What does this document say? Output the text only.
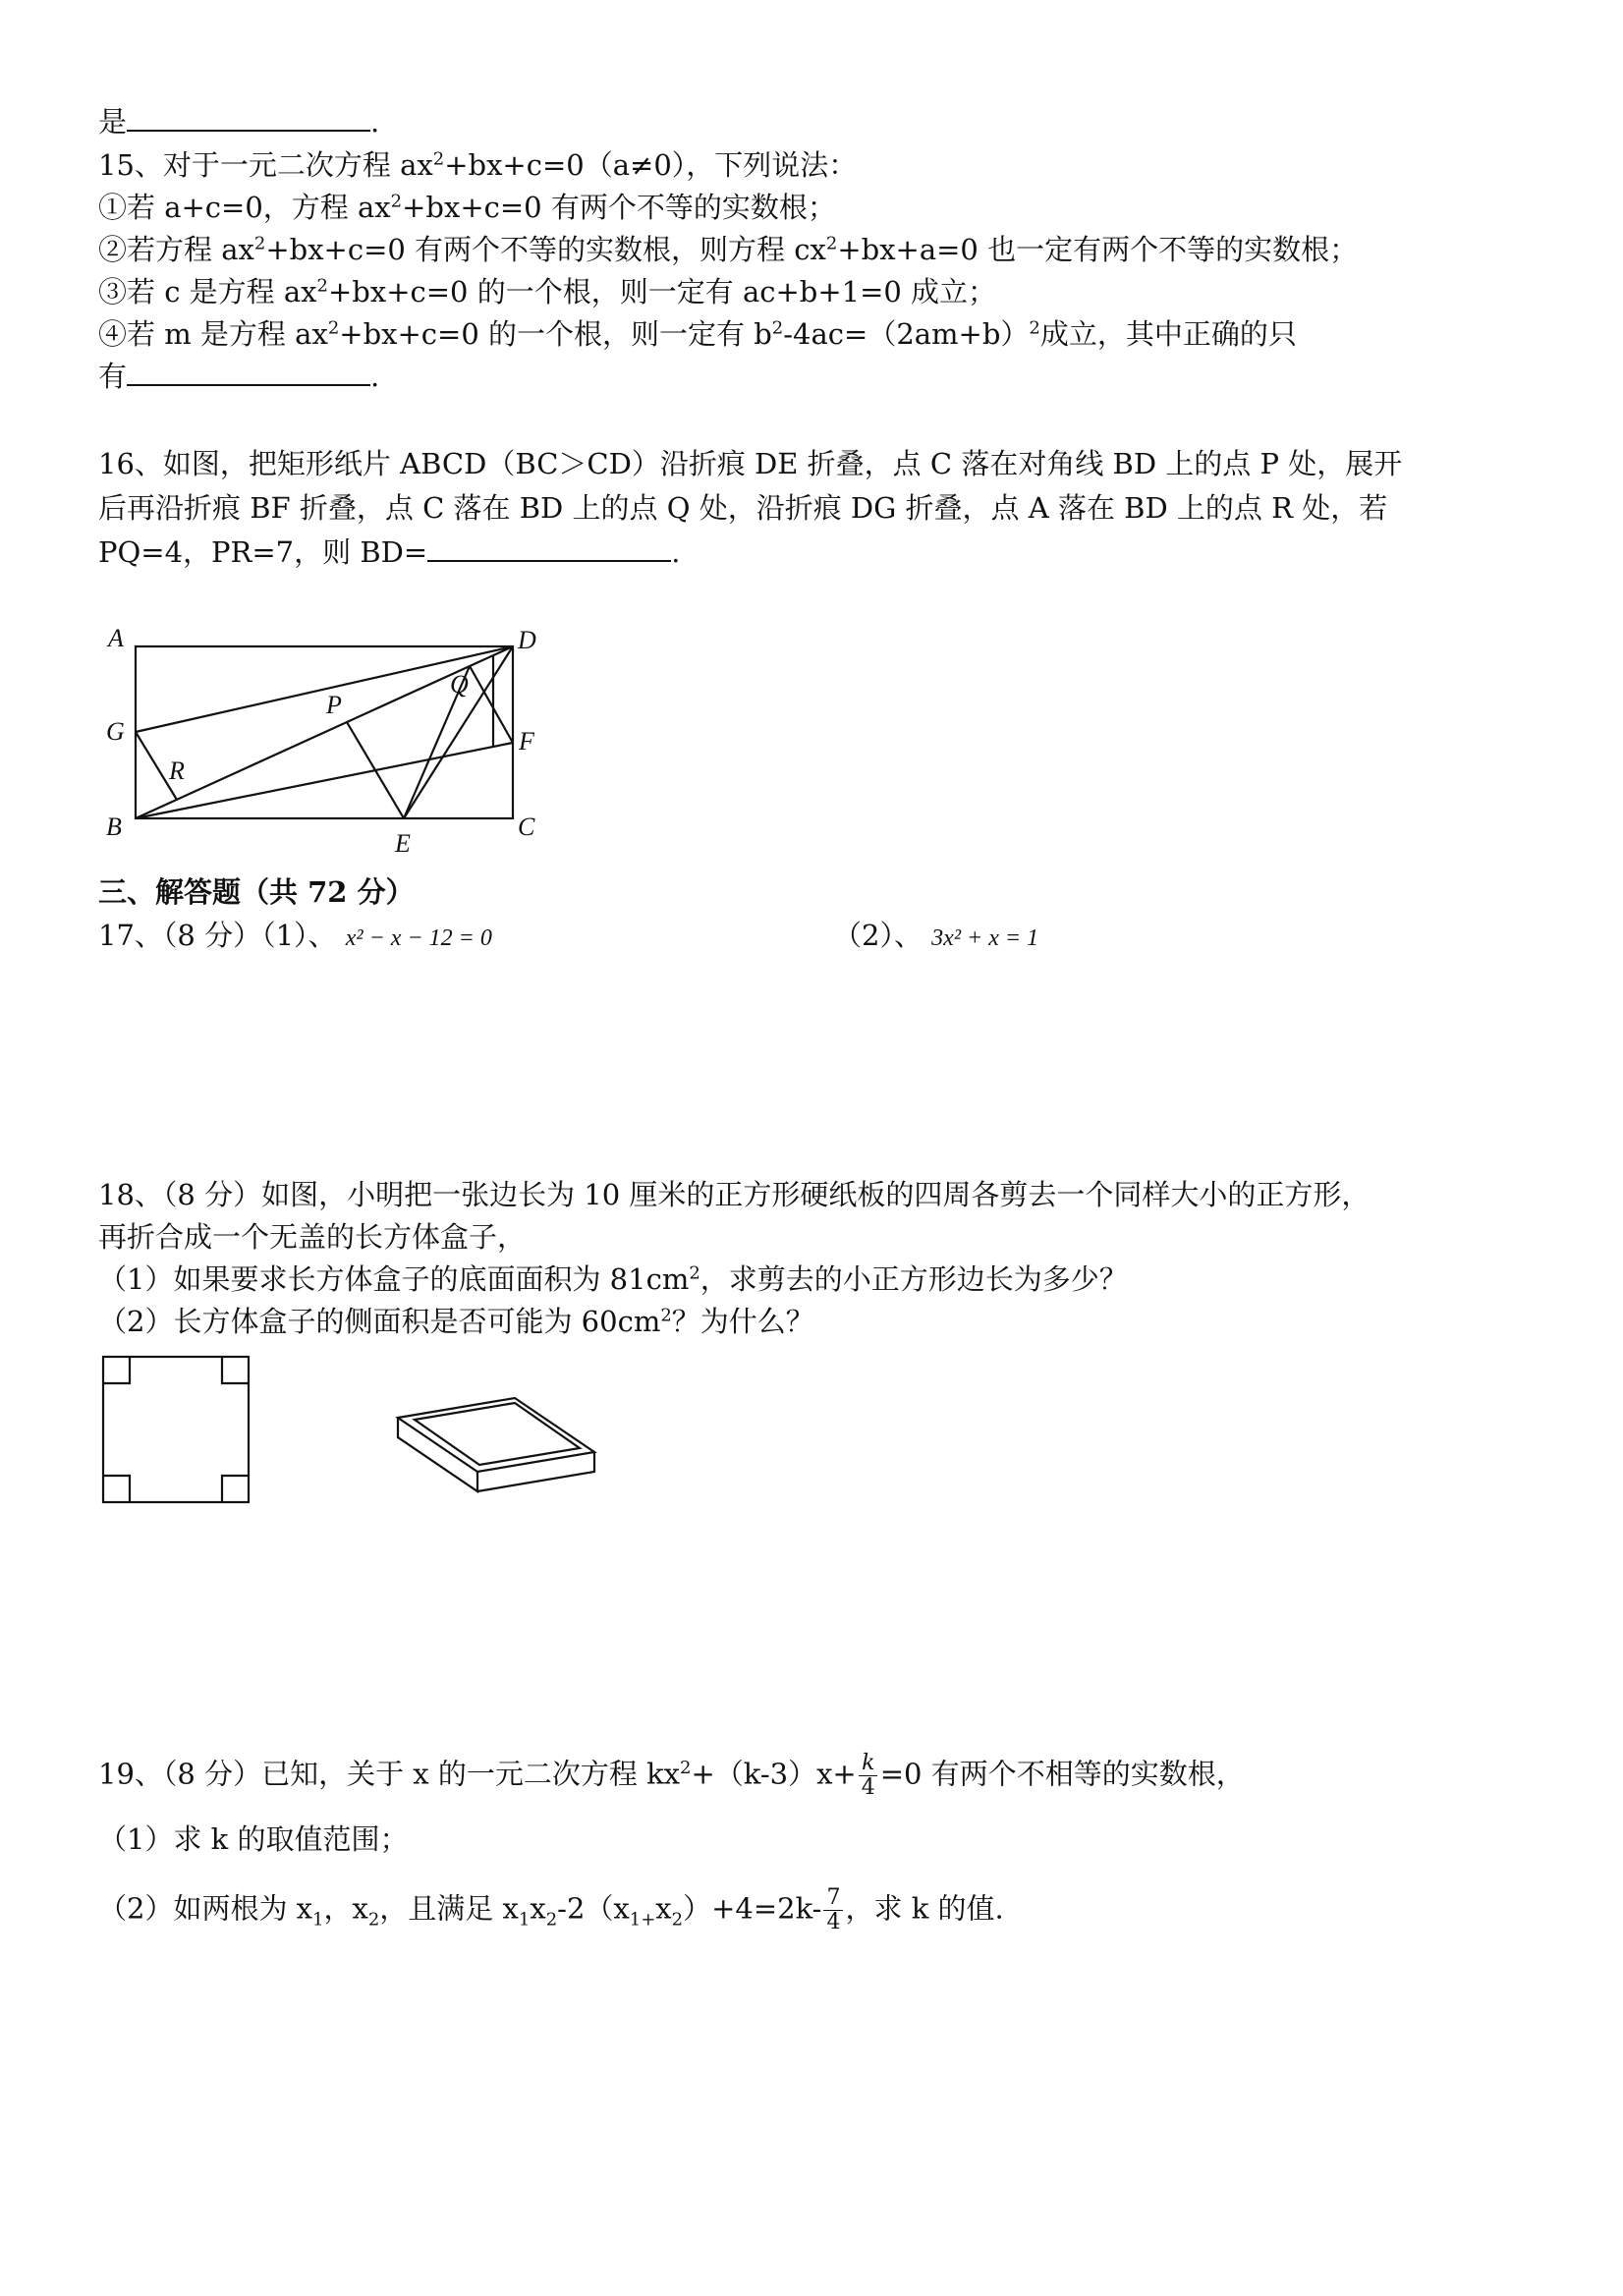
是	.
15、对于一元二次方程 $ax^2+bx+c=0(a\ne 0)$，下列说法：
①若 a+c=0，方程 $ax^2+bx+c=0$ 有两个不等的实数根；
②若方程 $ax^2+bx+c=0$ 有两个不等的实数根，则方程 $cx^2+bx+a=0$ 也一定有两个不等的实数根；
③若 c 是方程 $ax^2+bx+c=0$ 的一个根，则一定有 ac+b+1=0 成立；
④若 m 是方程 $ax^2+bx+c=0$ 的一个根，则一定有 $b^2-4ac=(2am+b)^2$成立，其中正确的只
有	.
16、如图，把矩形纸片 ABCD（BC＞CD）沿折痕 DE 折叠，点 C 落在对角线 BD 上的点 P 处，展开
后再沿折痕 BF 折叠，点 C 落在 BD 上的点 Q 处，沿折痕 DG 折叠，点 A 落在 BD 上的点 R 处，若
PQ=4，PR=7，则 BD=	.
A	D
G	F
B	C
E
P
Q
R
三、解答题（共 72 分）
17、（8 分）（1）、 x² − x − 12 = 0	（2）、 3x² + x = 1
18、（8 分）如图，小明把一张边长为 10 厘米的正方形硬纸板的四周各剪去一个同样大小的正方形，
再折合成一个无盖的长方体盒子，
（1）如果要求长方体盒子的底面面积为 $81cm^2$，求剪去的小正方形边长为多少？
（2）长方体盒子的侧面积是否可能为 $60cm^2$？为什么？
19、（8 分）已知，关于 x 的一元二次方程 $kx^2+(k-3)x+ \frac{k}{4} =0$ 有两个不相等的实数根，
（1）求 k 的取值范围；
（2）如两根为 $x_1$，$x_2$，且满足 $x_1x_2-2(x_{1+}x_2)+4=2k- \frac{7}{4}$ ，求 k 的值.
